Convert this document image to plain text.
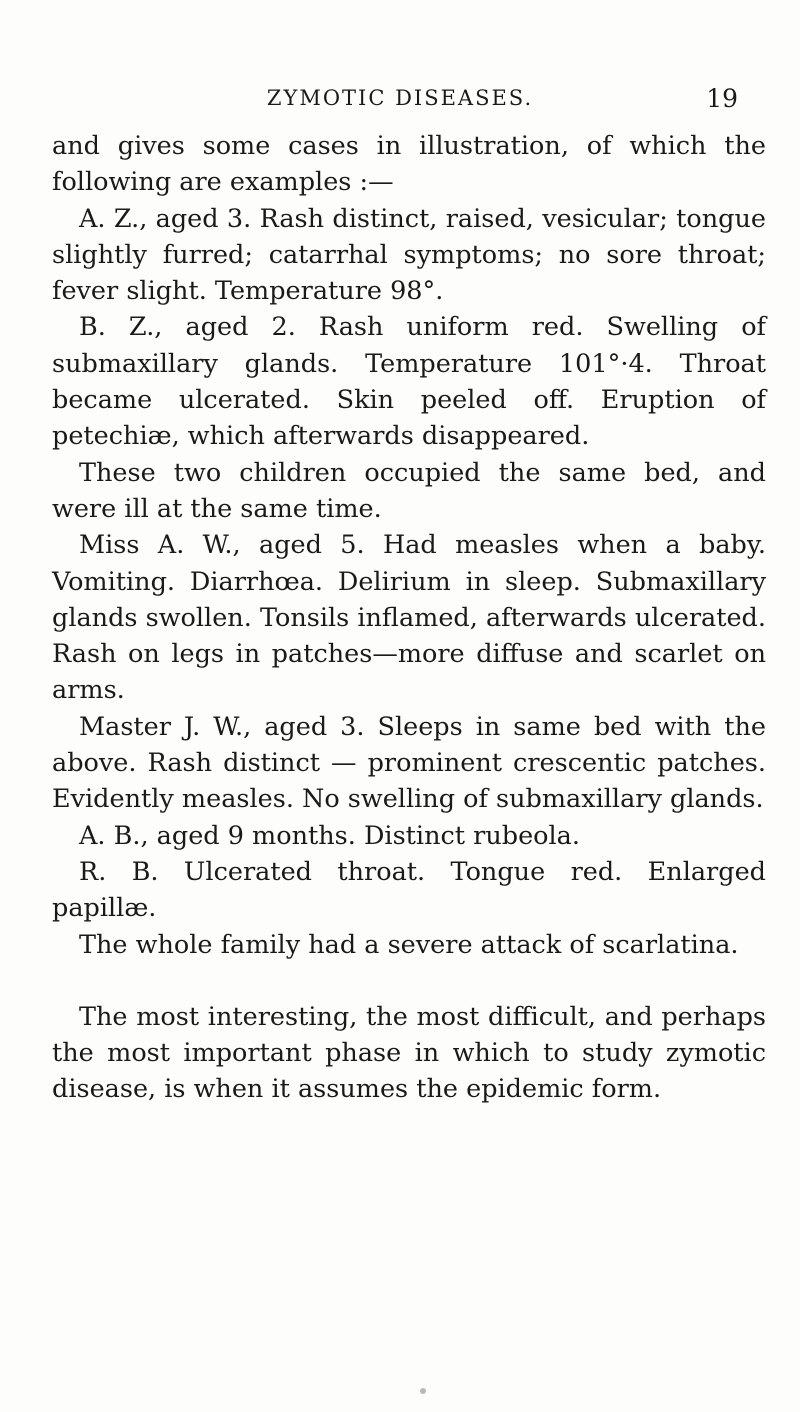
ZYMOTIC DISEASES.	19

and gives some cases in illustration, of which the following are examples :—

A. Z., aged 3. Rash distinct, raised, vesicular; tongue slightly furred; catarrhal symptoms; no sore throat; fever slight. Temperature 98°.

B. Z., aged 2. Rash uniform red. Swelling of submaxillary glands. Temperature 101°·4. Throat became ulcerated. Skin peeled off. Eruption of petechiæ, which afterwards disappeared.

These two children occupied the same bed, and were ill at the same time.

Miss A. W., aged 5. Had measles when a baby. Vomiting. Diarrhœa. Delirium in sleep. Submaxillary glands swollen. Tonsils inflamed, afterwards ulcerated. Rash on legs in patches—more diffuse and scarlet on arms.

Master J. W., aged 3. Sleeps in same bed with the above. Rash distinct — prominent crescentic patches. Evidently measles. No swelling of submaxillary glands.

A. B., aged 9 months. Distinct rubeola.

R. B. Ulcerated throat. Tongue red. Enlarged papillæ.

The whole family had a severe attack of scarlatina.

The most interesting, the most difficult, and perhaps the most important phase in which to study zymotic disease, is when it assumes the epidemic form.
